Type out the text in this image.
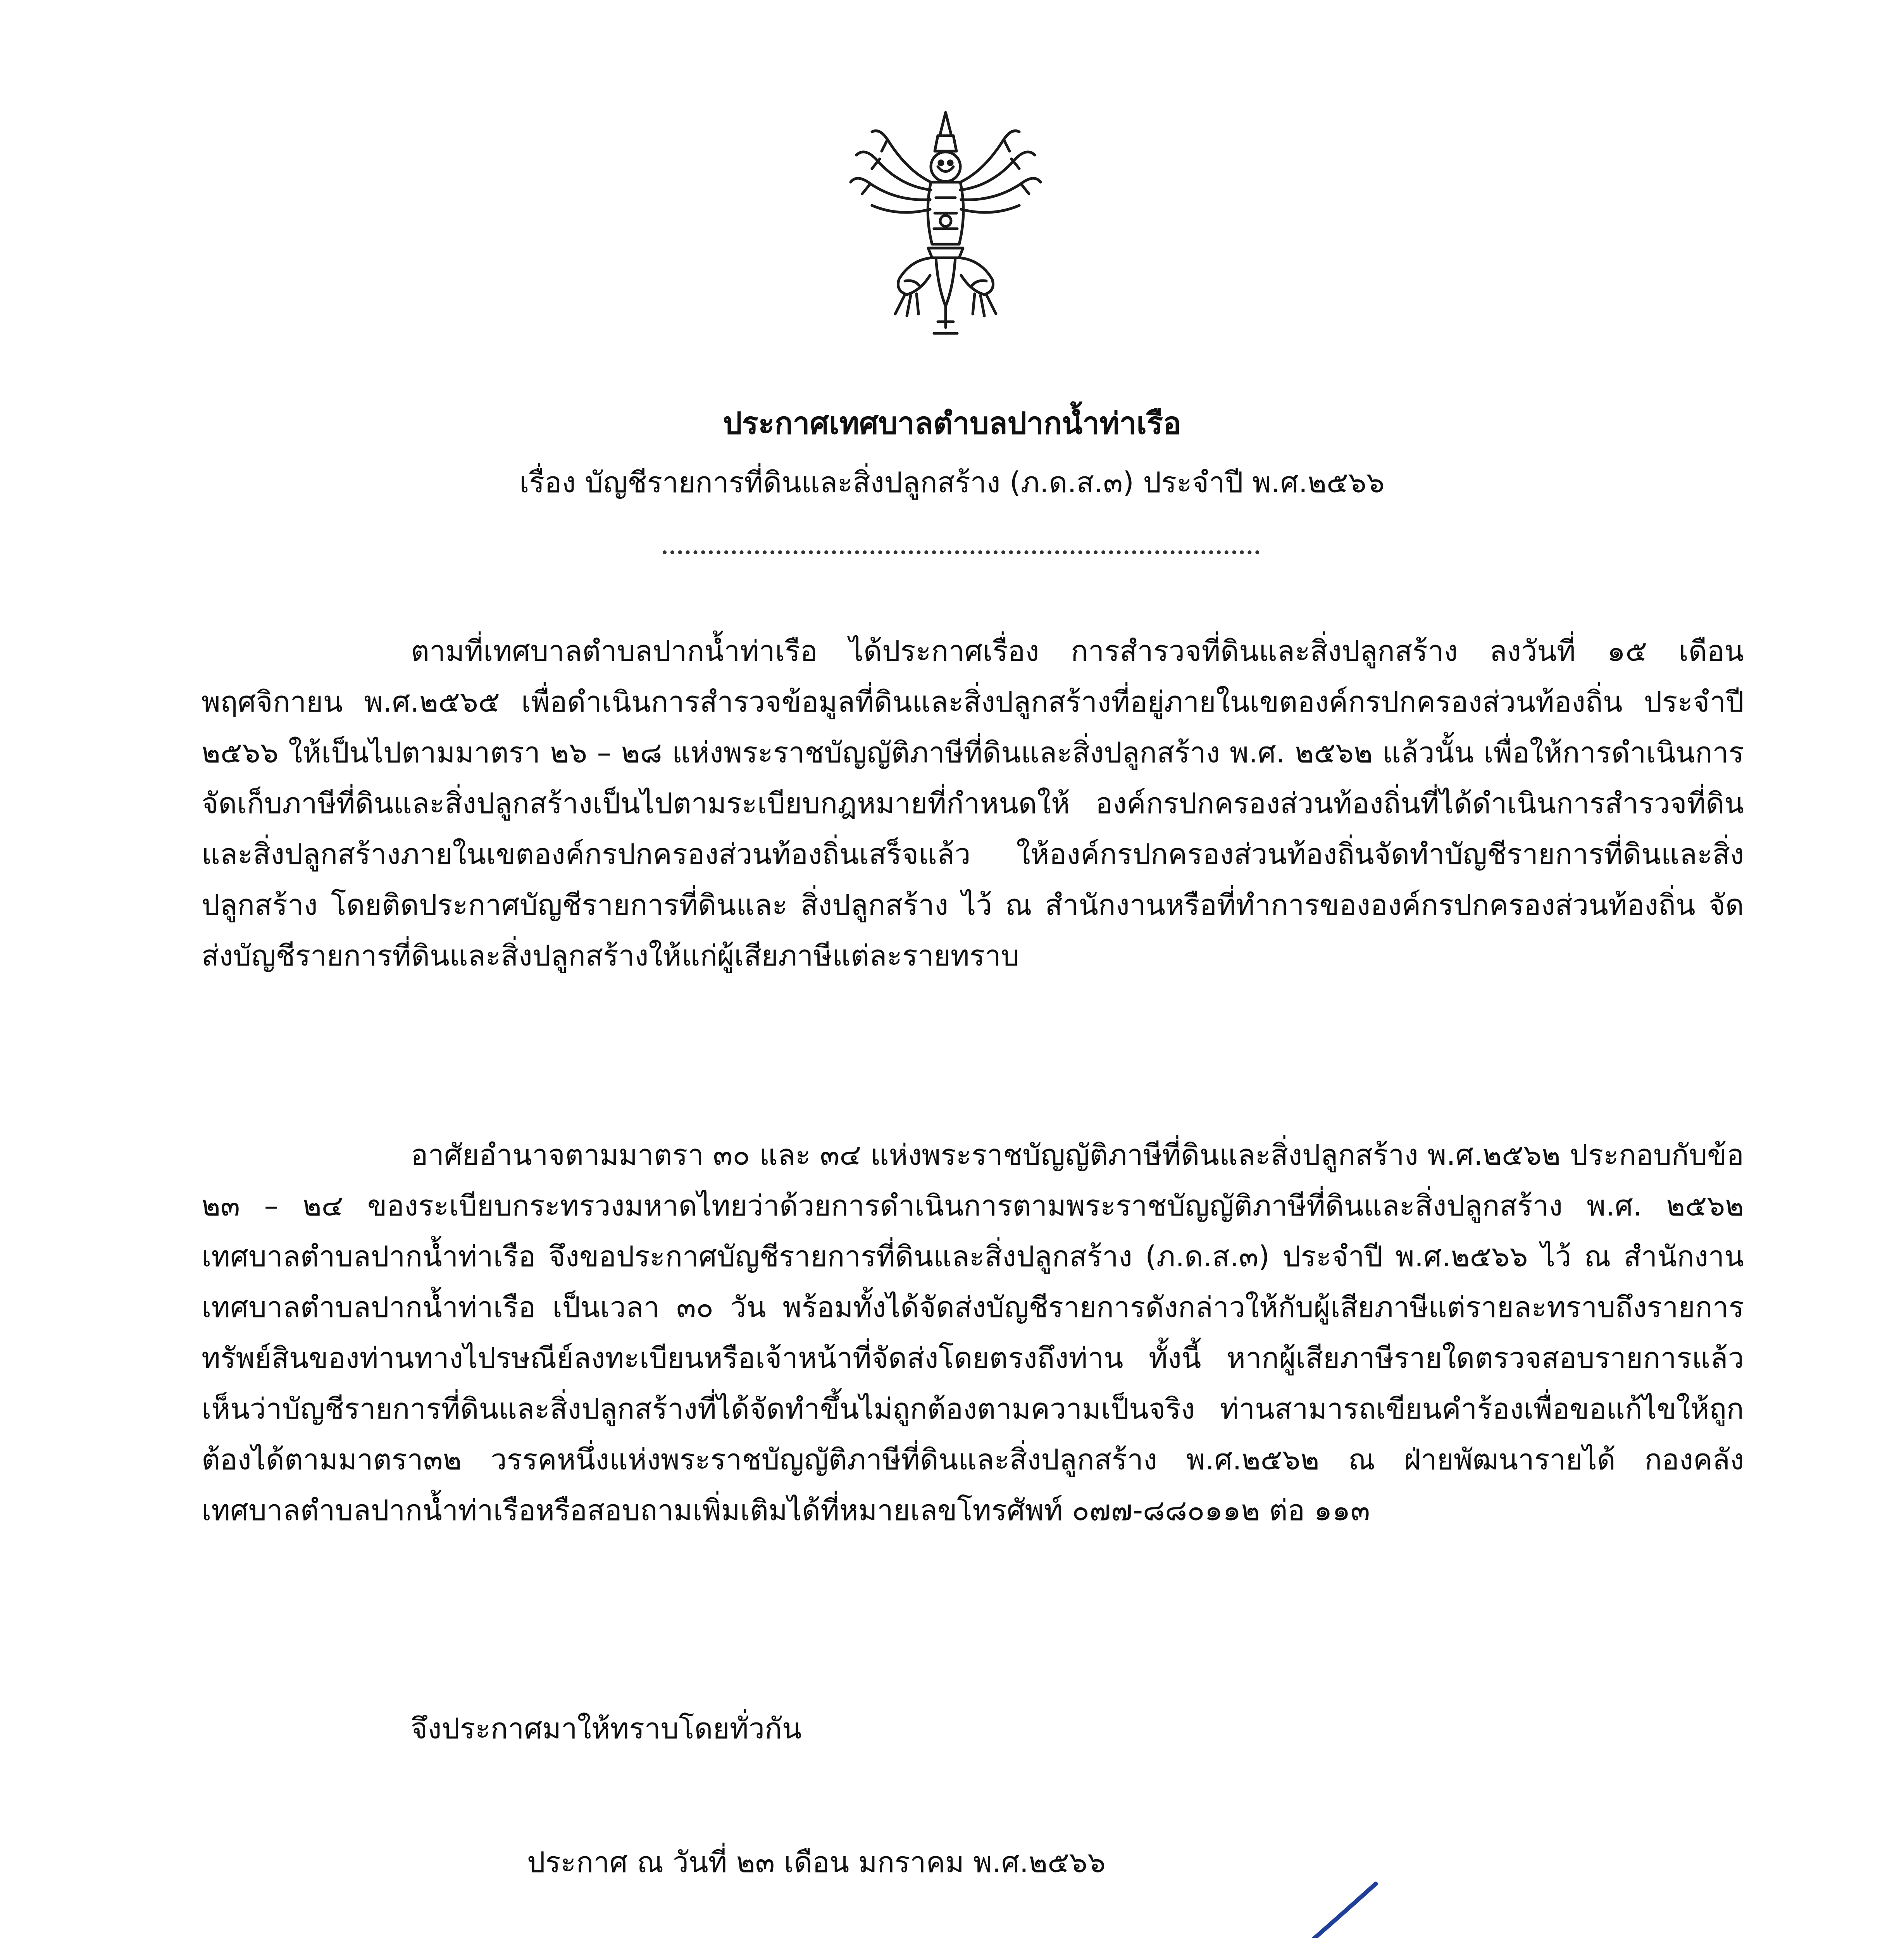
ประกาศเทศบาลตำบลปากน้ำท่าเรือ
เรื่อง บัญชีรายการที่ดินและสิ่งปลูกสร้าง (ภ.ด.ส.๓) ประจำปี พ.ศ.๒๕๖๖

ตามที่เทศบาลตำบลปากน้ำท่าเรือ ได้ประกาศเรื่อง การสำรวจที่ดินและสิ่งปลูกสร้าง ลงวันที่ ๑๕ เดือน พฤศจิกายน พ.ศ.๒๕๖๕ เพื่อดำเนินการสำรวจข้อมูลที่ดินและสิ่งปลูกสร้างที่อยู่ภายในเขตองค์กรปกครองส่วนท้องถิ่น ประจำปี ๒๕๖๖ ให้เป็นไปตามมาตรา ๒๖ – ๒๘ แห่งพระราชบัญญัติภาษีที่ดินและสิ่งปลูกสร้าง พ.ศ. ๒๕๖๒ แล้วนั้น เพื่อให้การดำเนินการจัดเก็บภาษีที่ดินและสิ่งปลูกสร้างเป็นไปตามระเบียบกฎหมายที่กำหนดให้ องค์กรปกครองส่วนท้องถิ่นที่ได้ดำเนินการสำรวจที่ดินและสิ่งปลูกสร้างภายในเขตองค์กรปกครองส่วนท้องถิ่นเสร็จแล้ว ให้องค์กรปกครองส่วนท้องถิ่นจัดทำบัญชีรายการที่ดินและสิ่งปลูกสร้าง โดยติดประกาศบัญชีรายการที่ดินและ สิ่งปลูกสร้าง ไว้ ณ สำนักงานหรือที่ทำการขององค์กรปกครองส่วนท้องถิ่น จัดส่งบัญชีรายการที่ดินและสิ่งปลูกสร้างให้แก่ผู้เสียภาษีแต่ละรายทราบ

อาศัยอำนาจตามมาตรา ๓๐ และ ๓๔ แห่งพระราชบัญญัติภาษีที่ดินและสิ่งปลูกสร้าง พ.ศ.๒๕๖๒ ประกอบกับข้อ ๒๓ – ๒๔ ของระเบียบกระทรวงมหาดไทยว่าด้วยการดำเนินการตามพระราชบัญญัติภาษีที่ดินและสิ่งปลูกสร้าง พ.ศ. ๒๕๖๒ เทศบาลตำบลปากน้ำท่าเรือ จึงขอประกาศบัญชีรายการที่ดินและสิ่งปลูกสร้าง (ภ.ด.ส.๓) ประจำปี พ.ศ.๒๕๖๖ ไว้ ณ สำนักงานเทศบาลตำบลปากน้ำท่าเรือ เป็นเวลา ๓๐ วัน พร้อมทั้งได้จัดส่งบัญชีรายการดังกล่าวให้กับผู้เสียภาษีแต่รายละทราบถึงรายการทรัพย์สินของท่านทางไปรษณีย์ลงทะเบียนหรือเจ้าหน้าที่จัดส่งโดยตรงถึงท่าน ทั้งนี้ หากผู้เสียภาษีรายใดตรวจสอบรายการแล้ว เห็นว่าบัญชีรายการที่ดินและสิ่งปลูกสร้างที่ได้จัดทำขึ้นไม่ถูกต้องตามความเป็นจริง ท่านสามารถเขียนคำร้องเพื่อขอแก้ไขให้ถูกต้องได้ตามมาตรา๓๒ วรรคหนึ่งแห่งพระราชบัญญัติภาษีที่ดินและสิ่งปลูกสร้าง พ.ศ.๒๕๖๒ ณ ฝ่ายพัฒนารายได้ กองคลัง เทศบาลตำบลปากน้ำท่าเรือหรือสอบถามเพิ่มเติมได้ที่หมายเลขโทรศัพท์ ๐๗๗-๘๘๐๑๑๒ ต่อ ๑๑๓

จึงประกาศมาให้ทราบโดยทั่วกัน
ประกาศ ณ วันที่ ๒๓ เดือน มกราคม พ.ศ.๒๕๖๖
